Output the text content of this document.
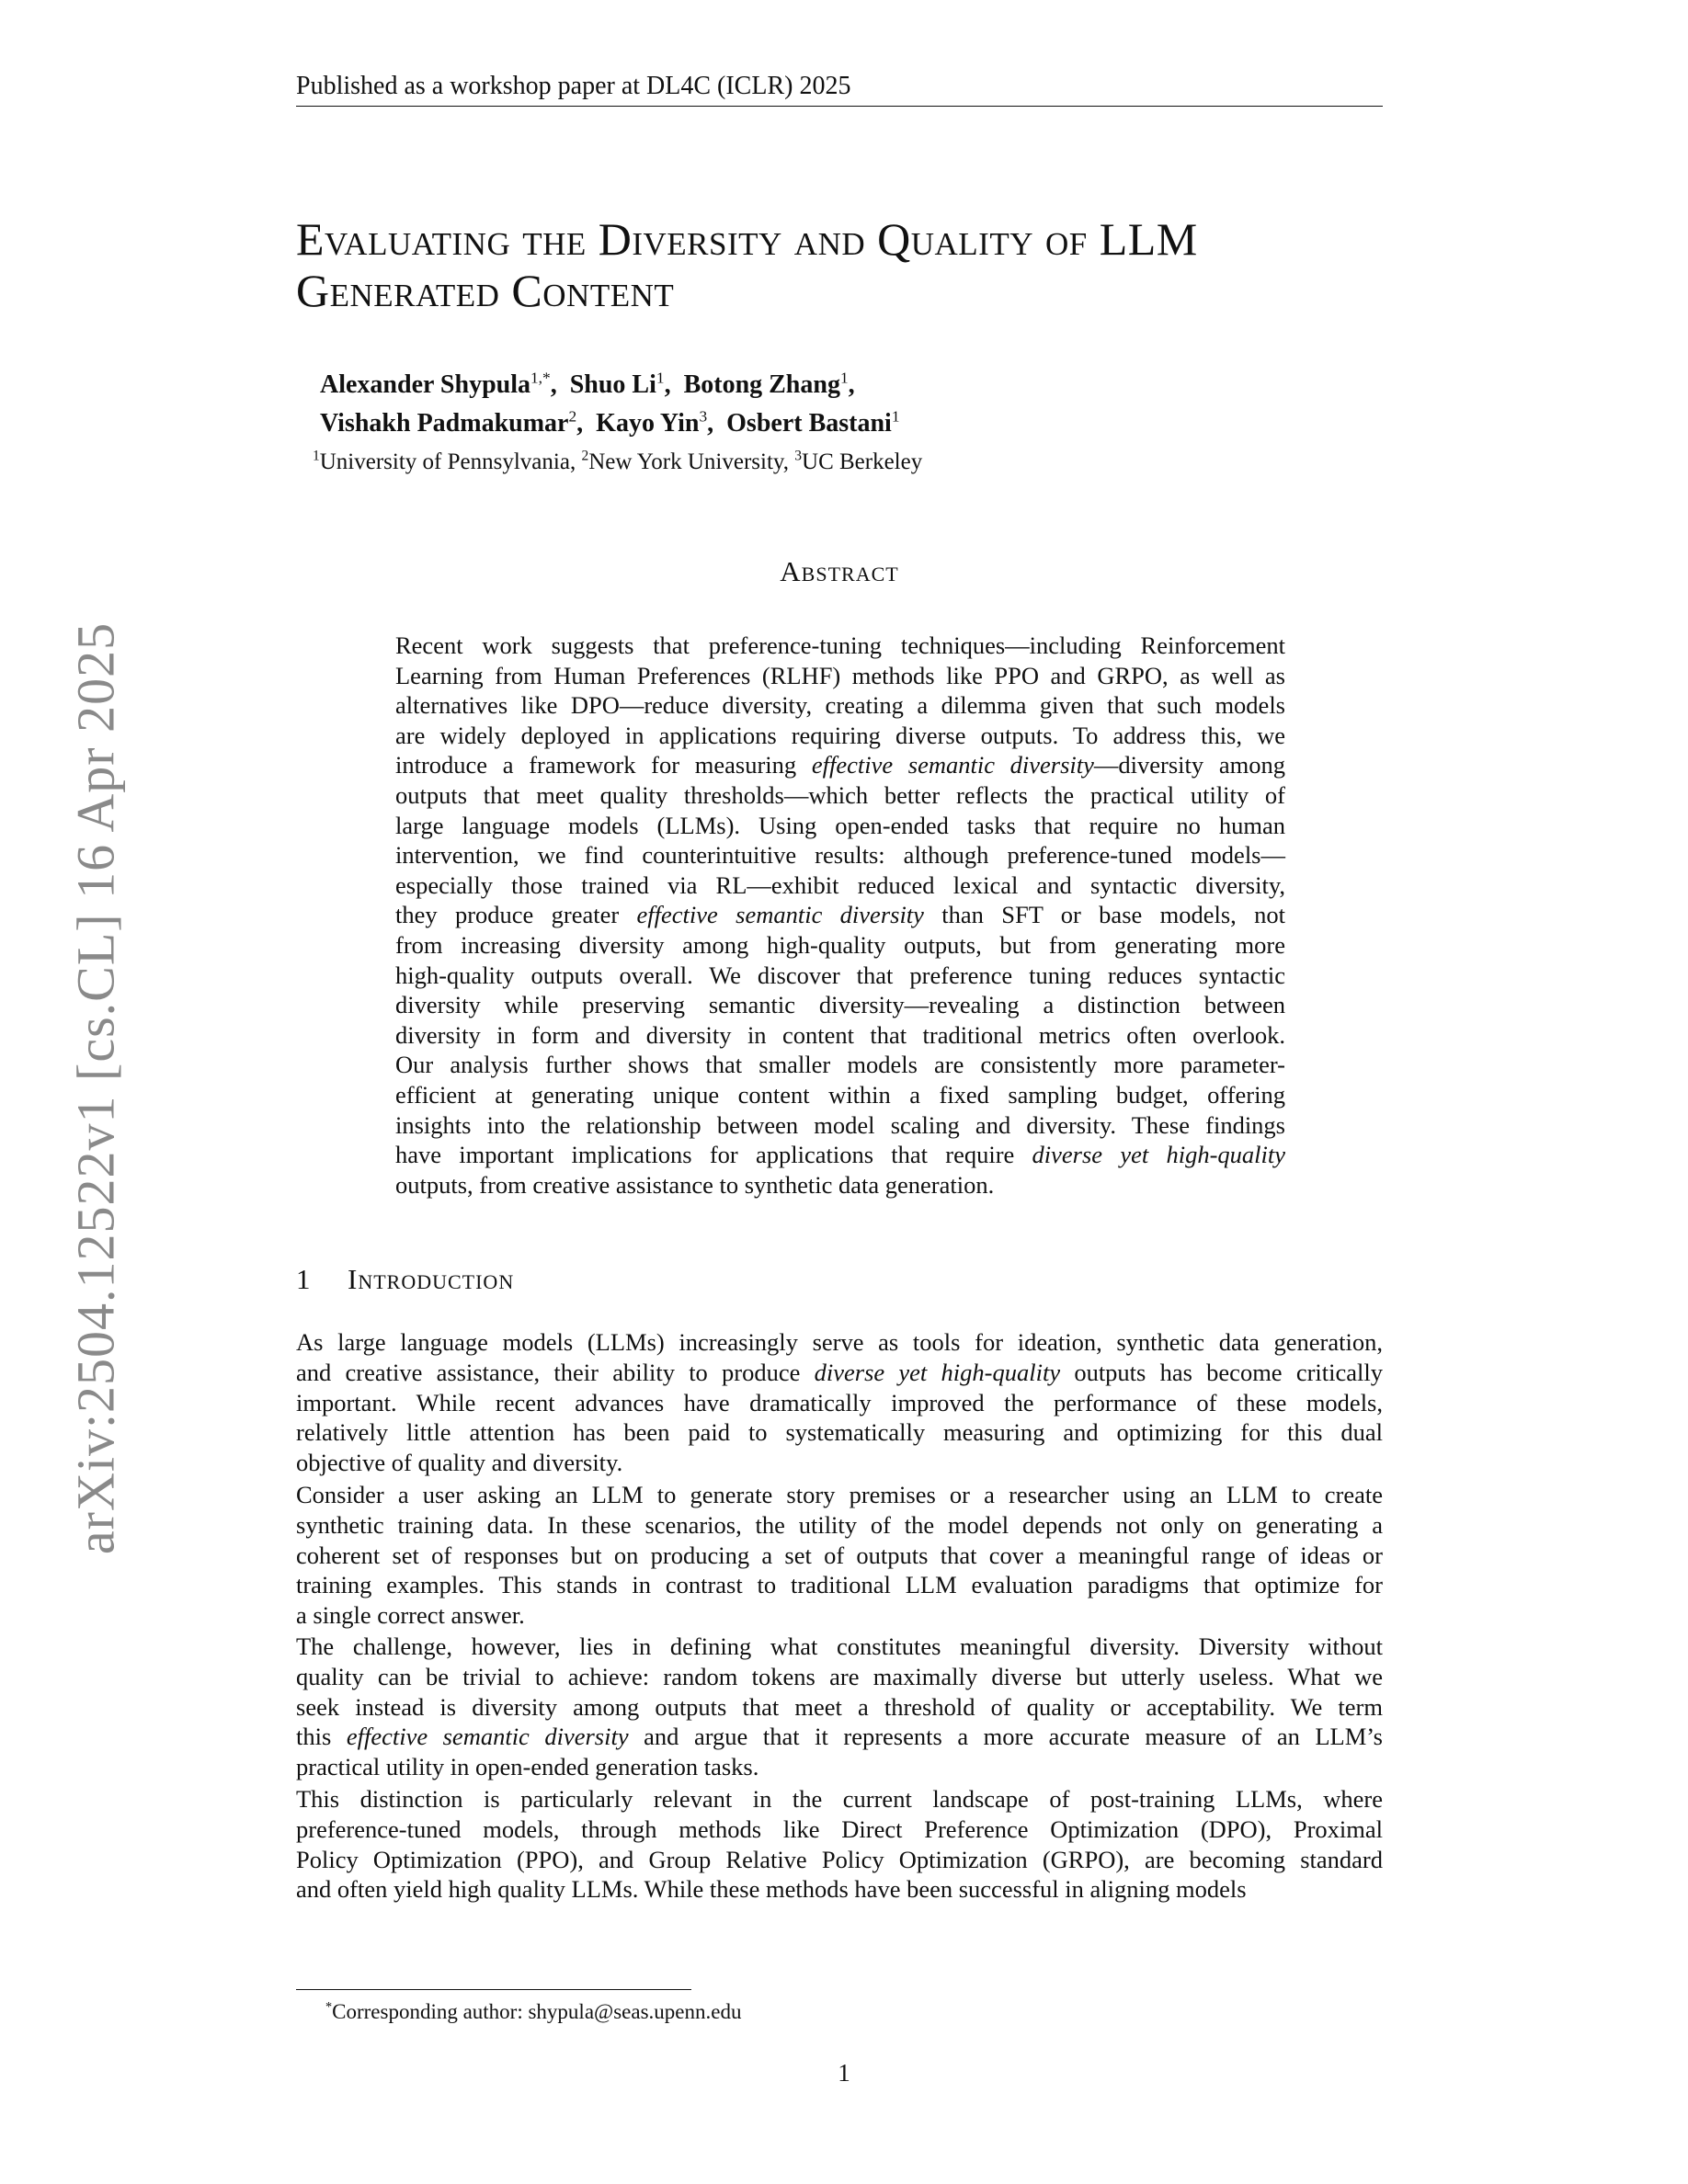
Published as a workshop paper at DL4C (ICLR) 2025
arXiv:2504.12522v1 [cs.CL] 16 Apr 2025
Evaluating the Diversity and Quality of LLM
Generated Content
Alexander Shypula$^{1,*}$,  Shuo Li$^1$,  Botong Zhang$^1$,
Vishakh Padmakumar$^2$,  Kayo Yin$^3$,  Osbert Bastani$^1$
$^1$University of Pennsylvania, $^2$New York University, $^3$UC Berkeley
Abstract
Recent work suggests that preference-tuning techniques—including Reinforcement
Learning from Human Preferences (RLHF) methods like PPO and GRPO, as well as
alternatives like DPO—reduce diversity, creating a dilemma given that such models
are widely deployed in applications requiring diverse outputs. To address this, we
introduce a framework for measuring effective semantic diversity—diversity among
outputs that meet quality thresholds—which better reflects the practical utility of
large language models (LLMs). Using open-ended tasks that require no human
intervention, we find counterintuitive results: although preference-tuned models—
especially those trained via RL—exhibit reduced lexical and syntactic diversity,
they produce greater effective semantic diversity than SFT or base models, not
from increasing diversity among high-quality outputs, but from generating more
high-quality outputs overall. We discover that preference tuning reduces syntactic
diversity while preserving semantic diversity—revealing a distinction between
diversity in form and diversity in content that traditional metrics often overlook.
Our analysis further shows that smaller models are consistently more parameter-
efficient at generating unique content within a fixed sampling budget, offering
insights into the relationship between model scaling and diversity. These findings
have important implications for applications that require diverse yet high-quality
outputs, from creative assistance to synthetic data generation.
1 Introduction
As large language models (LLMs) increasingly serve as tools for ideation, synthetic data generation,
and creative assistance, their ability to produce diverse yet high-quality outputs has become critically
important. While recent advances have dramatically improved the performance of these models,
relatively little attention has been paid to systematically measuring and optimizing for this dual
objective of quality and diversity.
Consider a user asking an LLM to generate story premises or a researcher using an LLM to create
synthetic training data. In these scenarios, the utility of the model depends not only on generating a
coherent set of responses but on producing a set of outputs that cover a meaningful range of ideas or
training examples. This stands in contrast to traditional LLM evaluation paradigms that optimize for
a single correct answer.
The challenge, however, lies in defining what constitutes meaningful diversity. Diversity without
quality can be trivial to achieve: random tokens are maximally diverse but utterly useless. What we
seek instead is diversity among outputs that meet a threshold of quality or acceptability. We term
this effective semantic diversity and argue that it represents a more accurate measure of an LLM’s
practical utility in open-ended generation tasks.
This distinction is particularly relevant in the current landscape of post-training LLMs, where
preference-tuned models, through methods like Direct Preference Optimization (DPO), Proximal
Policy Optimization (PPO), and Group Relative Policy Optimization (GRPO), are becoming standard
and often yield high quality LLMs. While these methods have been successful in aligning models
*Corresponding author: shypula@seas.upenn.edu
1
